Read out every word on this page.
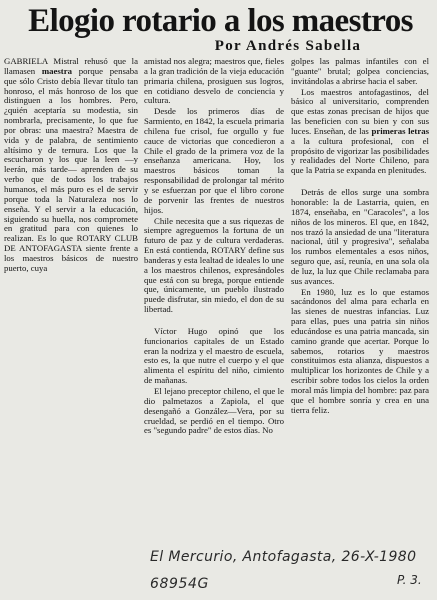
Elogio rotario a los maestros
Por Andrés Sabella

GABRIELA Mistral rehusó que la llamasen maestra porque pensaba que sólo Cristo debía llevar título tan honroso, el más honroso de los que distinguen a los hombres. Pero, ¿quién aceptaría su modestia, sin nombrarla, precisamente, lo que fue por obras: una maestra? Maestra de vida y de palabra, de sentimiento altísimo y de ternura. Los que la escucharon y los que la leen —y leerán, más tarde— aprenden de su verbo que de todos los trabajos humanos, el más puro es el de servir porque toda la Naturaleza nos lo enseña. Y el servir a la educación, siguiendo su huella, nos compromete en gratitud para con quienes lo realizan. Es lo que ROTARY CLUB DE ANTOFAGASTA siente frente a los maestros básicos de nuestro puerto, cuya

amistad nos alegra; maestros que, fieles a la gran tradición de la vieja educación primaria chilena, prosiguen sus logros, en cotidiano desvelo de conciencia y cultura.

Desde los primeros días de Sarmiento, en 1842, la escuela primaria chilena fue crisol, fue orgullo y fue cauce de victorias que concedieron a Chile el grado de la primera voz de la enseñanza americana. Hoy, los maestros básicos toman la responsabilidad de prolongar tal mérito y se esfuerzan por que el libro corone de porvenir las frentes de nuestros hijos.

Chile necesita que a sus riquezas de siempre agreguemos la fortuna de un futuro de paz y de cultura verdaderas. En está contienda, ROTARY define sus banderas y esta lealtad de ideales lo une a los maestros chilenos, expresándoles que está con su brega, porque entiende que, únicamente, un pueblo ilustrado puede disfrutar, sin miedo, el don de su libertad.

Víctor Hugo opinó que los funcionarios capitales de un Estado eran la nodriza y el maestro de escuela, esto es, la que nutre el cuerpo y el que alimenta el espíritu del niño, cimiento de mañanas.

El lejano preceptor chileno, el que le dio palmetazos a Zapiola, el que desengañó a González—Vera, por su crueldad, se perdió en el tiempo. Otro es "segundo padre" de estos días. No

golpes las palmas infantiles con el "guante" brutal; golpea conciencias, invitándolas a abrirse hacia el saber.

Los maestros antofagastinos, del básico al universitario, comprenden que estas zonas precisan de hijos que las beneficien con su bien y con sus luces. Enseñan, de las primeras letras a la cultura profesional, con el propósito de vigorizar las posibilidades y realidades del Norte Chileno, para que la Patria se expanda en plenitudes.

Detrás de ellos surge una sombra honorable: la de Lastarria, quien, en 1874, enseñaba, en "Caracoles", a los niños de los mineros. El que, en 1842, nos trazó la ansiedad de una "literatura nacional, útil y progresiva", señalaba los rumbos elementales a esos niños, seguro que, así, reunía, en una sola ola de luz, la luz que Chile reclamaba para sus avances.

En 1980, luz es lo que estamos sacándonos del alma para echarla en las sienes de nuestras infancias. Luz para ellas, pues una patria sin niños educándose es una patria mancada, sin camino grande que acertar. Porque lo sabemos, rotarios y maestros constituimos esta alianza, dispuestos a multiplicar los horizontes de Chile y a escribir sobre todos los cielos la orden moral más limpia del hombre: paz para que el hombre sonría y crea en una tierra feliz.

El Mercurio, Antofagasta, 26-X-1980
P. 3.
68954G
